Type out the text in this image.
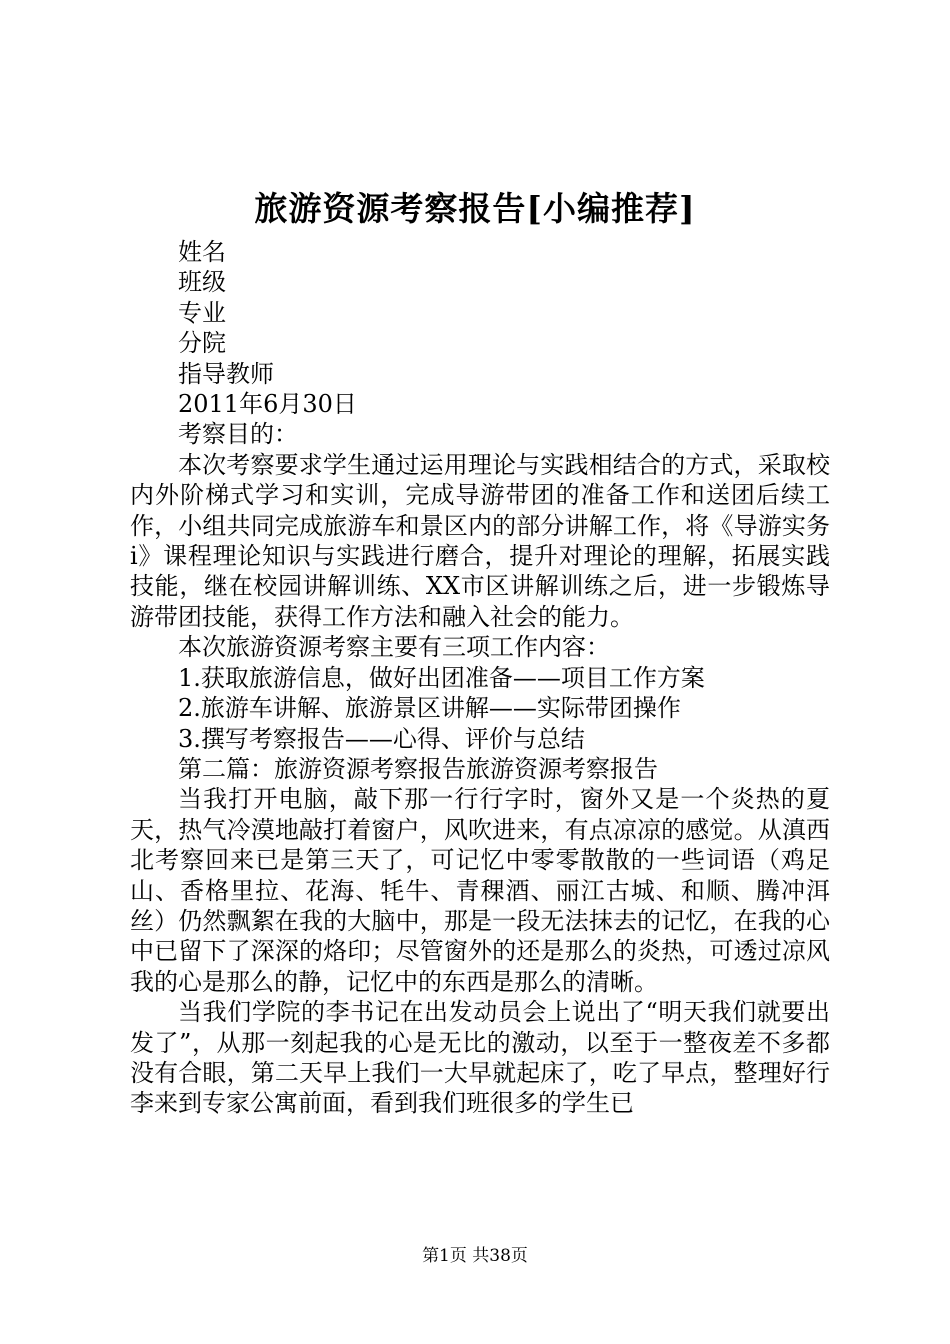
旅游资源考察报告[小编推荐]

姓名

班级

专业

分院

指导教师

2011年6月30日

考察目的：

本次考察要求学生通过运用理论与实践相结合的方式，采取校内外阶梯式学习和实训，完成导游带团的准备工作和送团后续工作，小组共同完成旅游车和景区内的部分讲解工作，将《导游实务ⅰ》课程理论知识与实践进行磨合，提升对理论的理解，拓展实践技能，继在校园讲解训练、XX市区讲解训练之后，进一步锻炼导游带团技能，获得工作方法和融入社会的能力。

本次旅游资源考察主要有三项工作内容：

1.获取旅游信息，做好出团准备——项目工作方案

2.旅游车讲解、旅游景区讲解——实际带团操作

3.撰写考察报告——心得、评价与总结

第二篇：旅游资源考察报告旅游资源考察报告

当我打开电脑，敲下那一行行字时，窗外又是一个炎热的夏天，热气冷漠地敲打着窗户，风吹进来，有点凉凉的感觉。从滇西北考察回来已是第三天了，可记忆中零零散散的一些词语（鸡足山、香格里拉、花海、牦牛、青稞酒、丽江古城、和顺、腾冲洱丝）仍然飘絮在我的大脑中，那是一段无法抹去的记忆，在我的心中已留下了深深的烙印；尽管窗外的还是那么的炎热，可透过凉风我的心是那么的静，记忆中的东西是那么的清晰。

当我们学院的李书记在出发动员会上说出了“明天我们就要出发了”，从那一刻起我的心是无比的激动，以至于一整夜差不多都没有合眼，第二天早上我们一大早就起床了，吃了早点，整理好行李来到专家公寓前面，看到我们班很多的学生已

第1页 共38页
